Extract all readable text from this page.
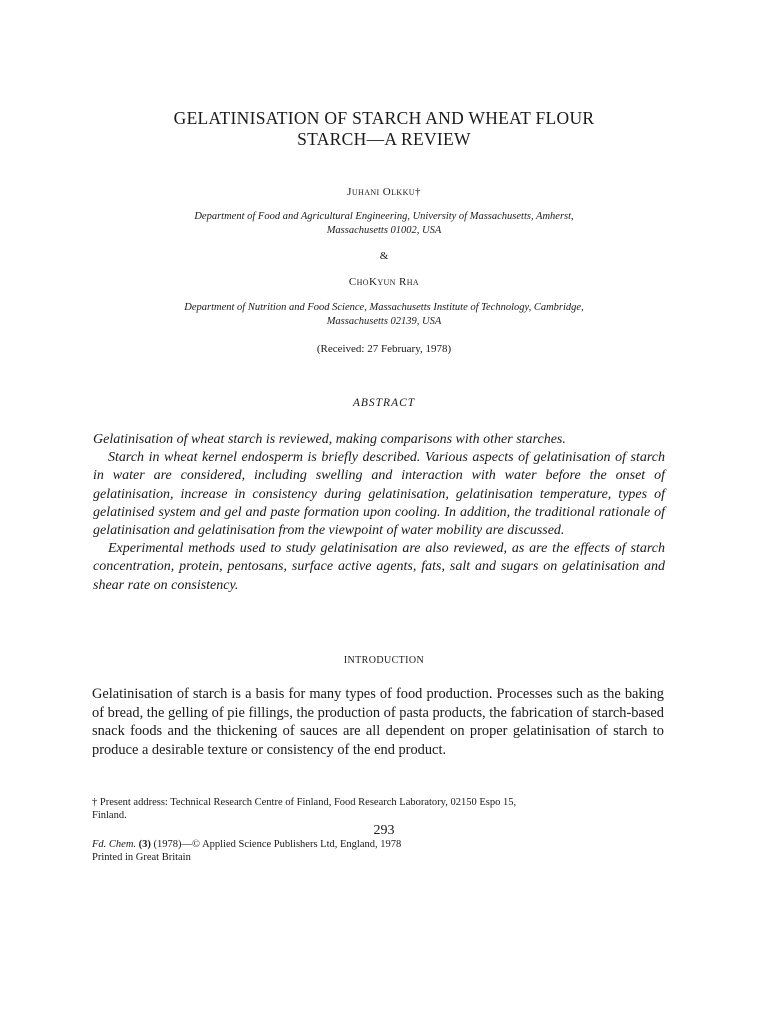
GELATINISATION OF STARCH AND WHEAT FLOUR
STARCH—A REVIEW
Juhani Olkku†
Department of Food and Agricultural Engineering, University of Massachusetts, Amherst,
Massachusetts 01002, USA
&
ChoKyun Rha
Department of Nutrition and Food Science, Massachusetts Institute of Technology, Cambridge,
Massachusetts 02139, USA
(Received: 27 February, 1978)
ABSTRACT

Gelatinisation of wheat starch is reviewed, making comparisons with other starches.

Starch in wheat kernel endosperm is briefly described. Various aspects of gelatinisation of starch in water are considered, including swelling and interaction with water before the onset of gelatinisation, increase in consistency during gelatinisation, gelatinisation temperature, types of gelatinised system and gel and paste formation upon cooling. In addition, the traditional rationale of gelatinisation and gelatinisation from the viewpoint of water mobility are discussed.

Experimental methods used to study gelatinisation are also reviewed, as are the effects of starch concentration, protein, pentosans, surface active agents, fats, salt and sugars on gelatinisation and shear rate on consistency.

INTRODUCTION

Gelatinisation of starch is a basis for many types of food production. Processes such as the baking of bread, the gelling of pie fillings, the production of pasta products, the fabrication of starch-based snack foods and the thickening of sauces are all dependent on proper gelatinisation of starch to produce a desirable texture or consistency of the end product.

† Present address: Technical Research Centre of Finland, Food Research Laboratory, 02150 Espo 15,
Finland.
293
Fd. Chem. (3) (1978)—© Applied Science Publishers Ltd, England, 1978
Printed in Great Britain
